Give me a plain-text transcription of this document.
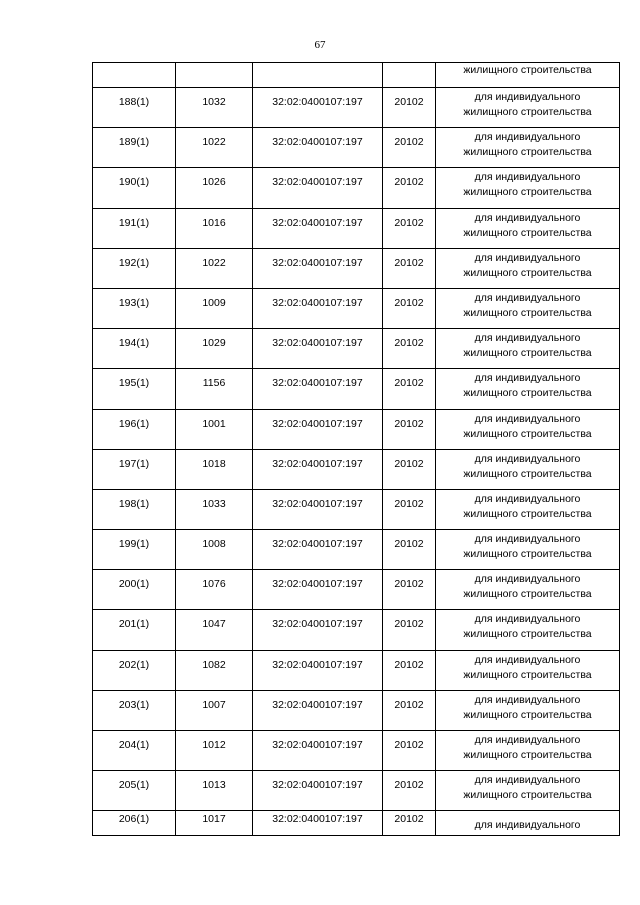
67
				жилищного строительства
188(1)	1032	32:02:0400107:197	20102	для индивидуального
жилищного строительства

189(1)	1022	32:02:0400107:197	20102	для индивидуального
жилищного строительства

190(1)	1026	32:02:0400107:197	20102	для индивидуального
жилищного строительства

191(1)	1016	32:02:0400107:197	20102	для индивидуального
жилищного строительства

192(1)	1022	32:02:0400107:197	20102	для индивидуального
жилищного строительства

193(1)	1009	32:02:0400107:197	20102	для индивидуального
жилищного строительства

194(1)	1029	32:02:0400107:197	20102	для индивидуального
жилищного строительства

195(1)	1156	32:02:0400107:197	20102	для индивидуального
жилищного строительства

196(1)	1001	32:02:0400107:197	20102	для индивидуального
жилищного строительства

197(1)	1018	32:02:0400107:197	20102	для индивидуального
жилищного строительства

198(1)	1033	32:02:0400107:197	20102	для индивидуального
жилищного строительства

199(1)	1008	32:02:0400107:197	20102	для индивидуального
жилищного строительства

200(1)	1076	32:02:0400107:197	20102	для индивидуального
жилищного строительства

201(1)	1047	32:02:0400107:197	20102	для индивидуального
жилищного строительства

202(1)	1082	32:02:0400107:197	20102	для индивидуального
жилищного строительства

203(1)	1007	32:02:0400107:197	20102	для индивидуального
жилищного строительства

204(1)	1012	32:02:0400107:197	20102	для индивидуального
жилищного строительства

205(1)	1013	32:02:0400107:197	20102	для индивидуального
жилищного строительства

206(1)	1017	32:02:0400107:197	20102	для индивидуального
